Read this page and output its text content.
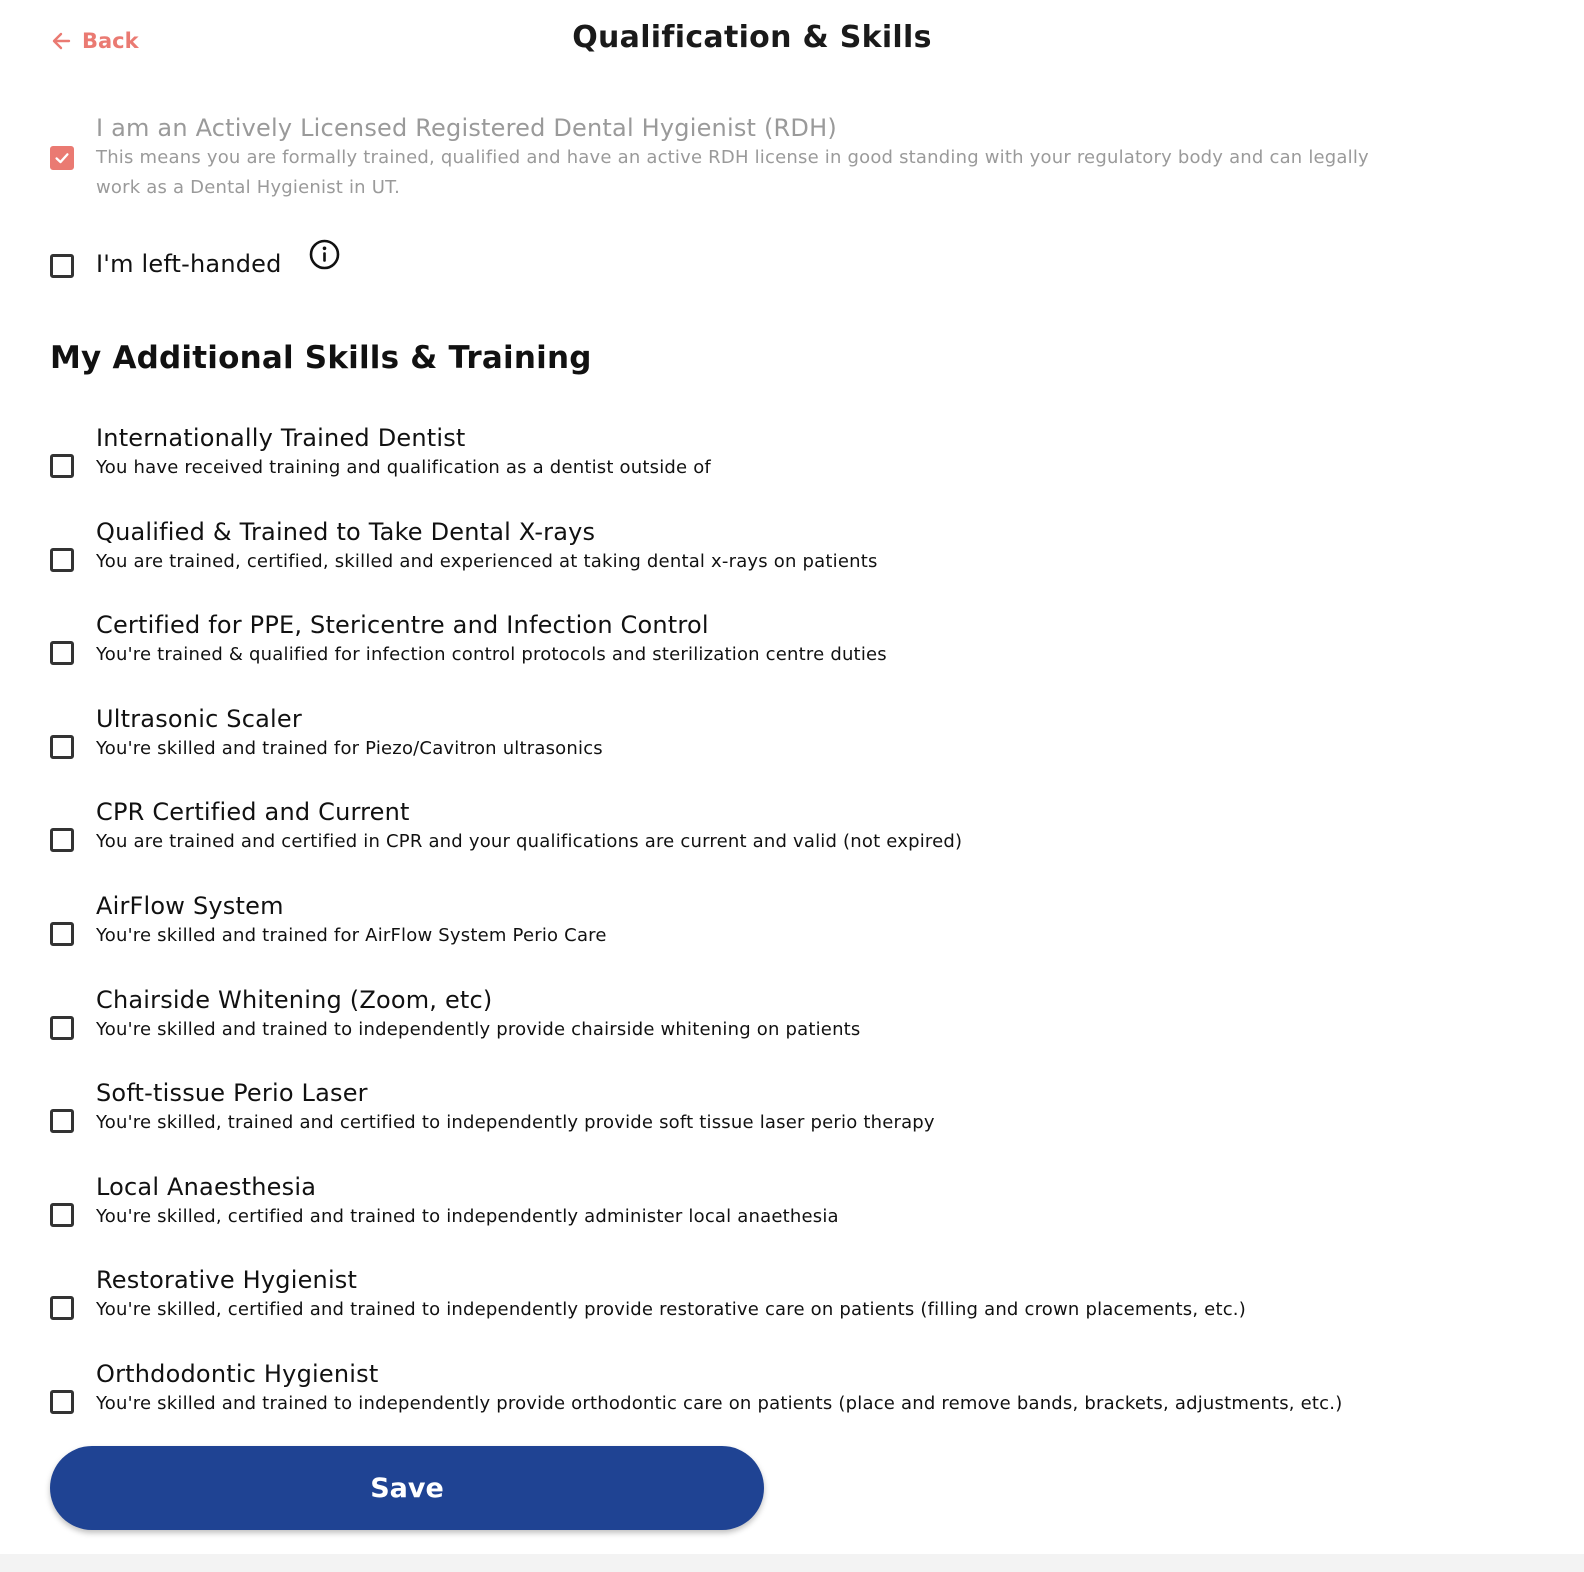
Back	Qualification & Skills
I am an Actively Licensed Registered Dental Hygienist (RDH)
This means you are formally trained, qualified and have an active RDH license in good standing with your regulatory body and can legally work as a Dental Hygienist in UT.
I'm left-handed
My Additional Skills & Training
Internationally Trained Dentist
You have received training and qualification as a dentist outside of
Qualified & Trained to Take Dental X-rays
You are trained, certified, skilled and experienced at taking dental x-rays on patients
Certified for PPE, Stericentre and Infection Control
You're trained & qualified for infection control protocols and sterilization centre duties
Ultrasonic Scaler
You're skilled and trained for Piezo/Cavitron ultrasonics
CPR Certified and Current
You are trained and certified in CPR and your qualifications are current and valid (not expired)
AirFlow System
You're skilled and trained for AirFlow System Perio Care
Chairside Whitening (Zoom, etc)
You're skilled and trained to independently provide chairside whitening on patients
Soft-tissue Perio Laser
You're skilled, trained and certified to independently provide soft tissue laser perio therapy
Local Anaesthesia
You're skilled, certified and trained to independently administer local anaethesia
Restorative Hygienist
You're skilled, certified and trained to independently provide restorative care on patients (filling and crown placements, etc.)
Orthdodontic Hygienist
You're skilled and trained to independently provide orthodontic care on patients (place and remove bands, brackets, adjustments, etc.)
Save
